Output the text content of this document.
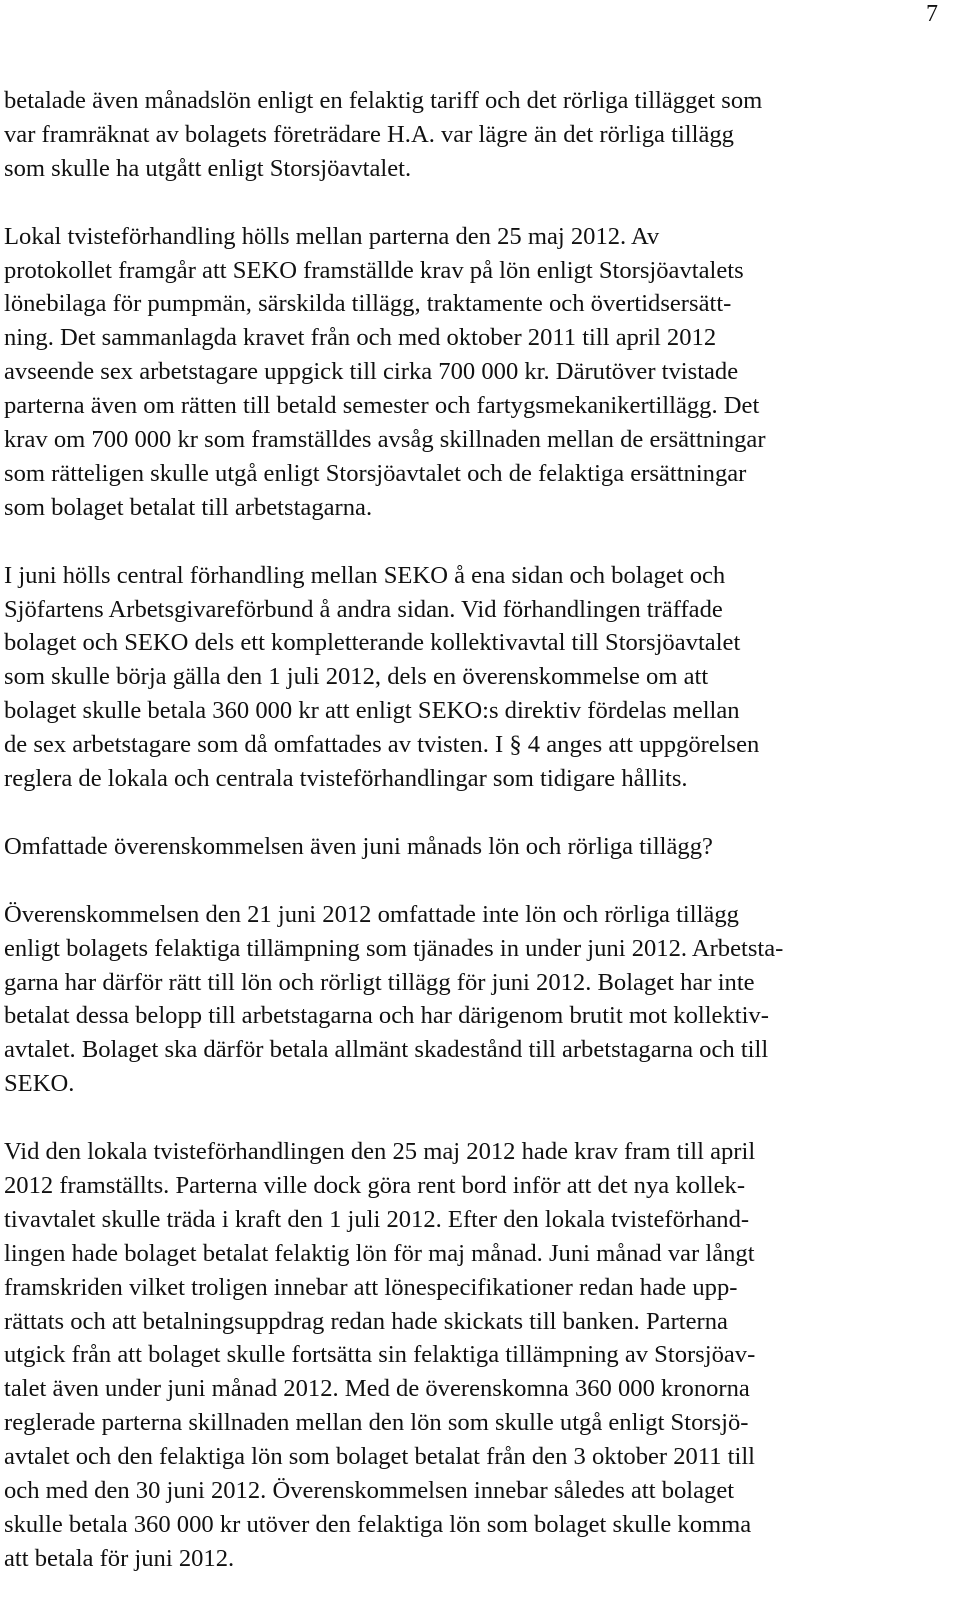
7

betalade även månadslön enligt en felaktig tariff och det rörliga tillägget som
var framräknat av bolagets företrädare H.A. var lägre än det rörliga tillägg
som skulle ha utgått enligt Storsjöavtalet.

Lokal tvisteförhandling hölls mellan parterna den 25 maj 2012. Av
protokollet framgår att SEKO framställde krav på lön enligt Storsjöavtalets
lönebilaga för pumpmän, särskilda tillägg, traktamente och övertidsersätt-
ning. Det sammanlagda kravet från och med oktober 2011 till april 2012
avseende sex arbetstagare uppgick till cirka 700 000 kr. Därutöver tvistade
parterna även om rätten till betald semester och fartygsmekanikertillägg. Det
krav om 700 000 kr som framställdes avsåg skillnaden mellan de ersättningar
som rätteligen skulle utgå enligt Storsjöavtalet och de felaktiga ersättningar
som bolaget betalat till arbetstagarna.

I juni hölls central förhandling mellan SEKO å ena sidan och bolaget och
Sjöfartens Arbetsgivareförbund å andra sidan. Vid förhandlingen träffade
bolaget och SEKO dels ett kompletterande kollektivavtal till Storsjöavtalet
som skulle börja gälla den 1 juli 2012, dels en överenskommelse om att
bolaget skulle betala 360 000 kr att enligt SEKO:s direktiv fördelas mellan
de sex arbetstagare som då omfattades av tvisten. I § 4 anges att uppgörelsen
reglera de lokala och centrala tvisteförhandlingar som tidigare hållits.

Omfattade överenskommelsen även juni månads lön och rörliga tillägg?

Överenskommelsen den 21 juni 2012 omfattade inte lön och rörliga tillägg
enligt bolagets felaktiga tillämpning som tjänades in under juni 2012. Arbetsta-
garna har därför rätt till lön och rörligt tillägg för juni 2012. Bolaget har inte
betalat dessa belopp till arbetstagarna och har därigenom brutit mot kollektiv-
avtalet. Bolaget ska därför betala allmänt skadestånd till arbetstagarna och till
SEKO.

Vid den lokala tvisteförhandlingen den 25 maj 2012 hade krav fram till april
2012 framställts. Parterna ville dock göra rent bord inför att det nya kollek-
tivavtalet skulle träda i kraft den 1 juli 2012. Efter den lokala tvisteförhand-
lingen hade bolaget betalat felaktig lön för maj månad. Juni månad var långt
framskriden vilket troligen innebar att lönespecifikationer redan hade upp-
rättats och att betalningsuppdrag redan hade skickats till banken. Parterna
utgick från att bolaget skulle fortsätta sin felaktiga tillämpning av Storsjöav-
talet även under juni månad 2012. Med de överenskomna 360 000 kronorna
reglerade parterna skillnaden mellan den lön som skulle utgå enligt Storsjö-
avtalet och den felaktiga lön som bolaget betalat från den 3 oktober 2011 till
och med den 30 juni 2012. Överenskommelsen innebar således att bolaget
skulle betala 360 000 kr utöver den felaktiga lön som bolaget skulle komma
att betala för juni 2012.
